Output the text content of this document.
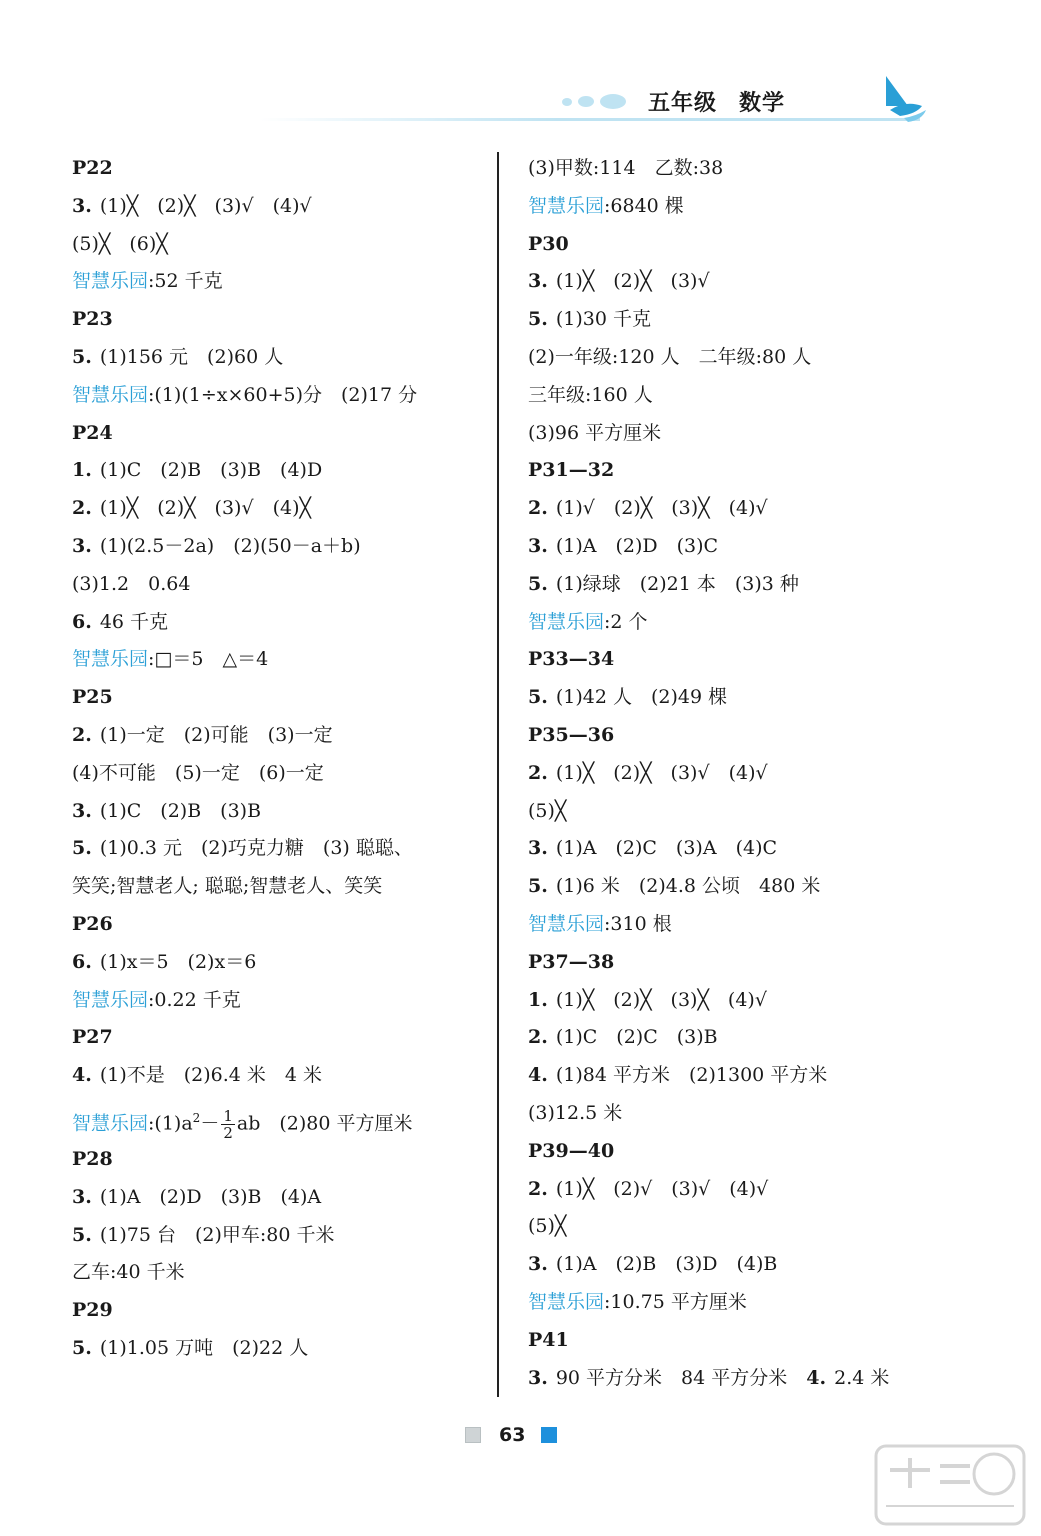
五年级 数学
P22
3. (1)╳　(2)╳　(3)√　(4)√
(5)╳　(6)╳
智慧乐园:52 千克
P23
5. (1)156 元　(2)60 人
智慧乐园:(1)(1÷x×60+5)分　(2)17 分
P24
1. (1)C　(2)B　(3)B　(4)D
2. (1)╳　(2)╳　(3)√　(4)╳
3. (1)(2.5－2a)　(2)(50－a＋b)
(3)1.2　0.64
6. 46 千克
智慧乐园:□＝5　△＝4
P25
2. (1)一定　(2)可能　(3)一定
(4)不可能　(5)一定　(6)一定
3. (1)C　(2)B　(3)B
5. (1)0.3 元　(2)巧克力糖　(3) 聪聪、
笑笑;智慧老人; 聪聪;智慧老人、笑笑
P26
6. (1)x＝5　(2)x＝6
智慧乐园:0.22 千克
P27
4. (1)不是　(2)6.4 米　4 米
智慧乐园$:(1)a^2- \frac{1}{2}$ ab　(2)80 平方厘米
P28
3. (1)A　(2)D　(3)B　(4)A
5. (1)75 台　(2)甲车:80 千米
乙车:40 千米
P29
5. (1)1.05 万吨　(2)22 人
(3)甲数:114　乙数:38
智慧乐园:6840 棵
P30
3. (1)╳　(2)╳　(3)√
5. (1)30 千克
(2)一年级:120 人　二年级:80 人
三年级:160 人
(3)96 平方厘米
P31—32
2. (1)√　(2)╳　(3)╳　(4)√
3. (1)A　(2)D　(3)C
5. (1)绿球　(2)21 本　(3)3 种
智慧乐园:2 个
P33—34
5. (1)42 人　(2)49 棵
P35—36
2. (1)╳　(2)╳　(3)√　(4)√
(5)╳
3. (1)A　(2)C　(3)A　(4)C
5. (1)6 米　(2)4.8 公顷　480 米
智慧乐园:310 根
P37—38
1. (1)╳　(2)╳　(3)╳　(4)√
2. (1)C　(2)C　(3)B
4. (1)84 平方米　(2)1300 平方米
(3)12.5 米
P39—40
2. (1)╳　(2)√　(3)√　(4)√
(5)╳
3. (1)A　(2)B　(3)D　(4)B
智慧乐园:10.75 平方厘米
P41
3. 90 平方分米　84 平方分米　4. 2.4 米
63
